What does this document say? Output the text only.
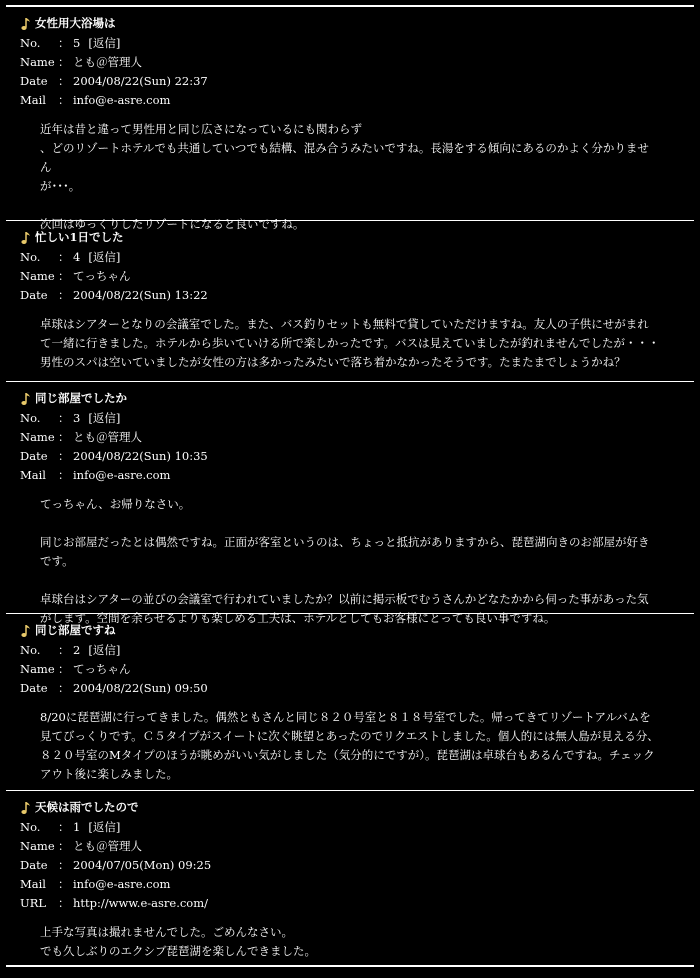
女性用大浴場は
No.	： 5 [返信]
Name ： とも＠管理人
Date ： 2004/08/22(Sun) 22:37
Mail	： info@e-asre.com
近年は昔と違って男性用と同じ広さになっているにも関わらず
、どのリゾートホテルでも共通していつでも結構、混み合うみたいですね。長湯をする傾向にあるのかよく分かりません
が･･･。

次回はゆっくりしたリゾートになると良いですね。
忙しい1日でした
No.	： 4 [返信]
Name ： てっちゃん
Date ： 2004/08/22(Sun) 13:22
卓球はシアターとなりの会議室でした。また、バス釣りセットも無料で貸していただけますね。友人の子供にせがまれて一緒に行きました。ホテルから歩いていける所で楽しかったです。バスは見えていましたが釣れませんでしたが・・・男性のスパは空いていましたが女性の方は多かったみたいで落ち着かなかったそうです。たまたまでしょうかね？
同じ部屋でしたか
No.	： 3 [返信]
Name ： とも＠管理人
Date ： 2004/08/22(Sun) 10:35
Mail	： info@e-asre.com
てっちゃん、お帰りなさい。

同じお部屋だったとは偶然ですね。正面が客室というのは、ちょっと抵抗がありますから、琵琶湖向きのお部屋が好きです。

卓球台はシアターの並びの会議室で行われていましたか？以前に掲示板でむうさんかどなたかから伺った事があった気がします。空間を余らせるよりも楽しめる工夫は、ホテルとしてもお客様にとっても良い事ですね。
同じ部屋ですね
No.	： 2 [返信]
Name ： てっちゃん
Date ： 2004/08/22(Sun) 09:50
8/20に琵琶湖に行ってきました。偶然ともさんと同じ８２０号室と８１８号室でした。帰ってきてリゾートアルバムを見てびっくりです。Ｃ５タイプがスイートに次ぐ眺望とあったのでリクエストしました。個人的には無人島が見える分、８２０号室のMタイプのほうが眺めがいい気がしました（気分的にですが）。琵琶湖は卓球台もあるんですね。チェックアウト後に楽しみました。
天候は雨でしたので
No.	： 1 [返信]
Name ： とも＠管理人
Date ： 2004/07/05(Mon) 09:25
Mail	： info@e-asre.com
URL	： http://www.e-asre.com/
上手な写真は撮れませんでした。ごめんなさい。
でも久しぶりのエクシブ琵琶湖を楽しんできました。
